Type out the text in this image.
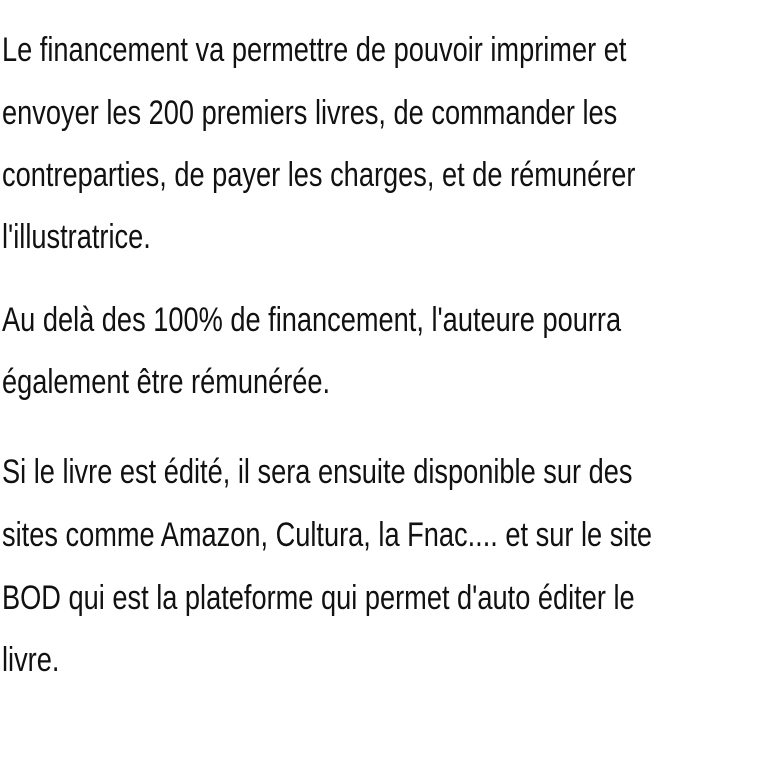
Le financement va permettre de pouvoir imprimer et
envoyer les 200 premiers livres, de commander les
contreparties, de payer les charges, et de rémunérer
l'illustratrice.
Au delà des 100% de financement, l'auteure pourra
également être rémunérée.
Si le livre est édité, il sera ensuite disponible sur des
sites comme Amazon, Cultura, la Fnac.... et sur le site
BOD qui est la plateforme qui permet d'auto éditer le
livre.
